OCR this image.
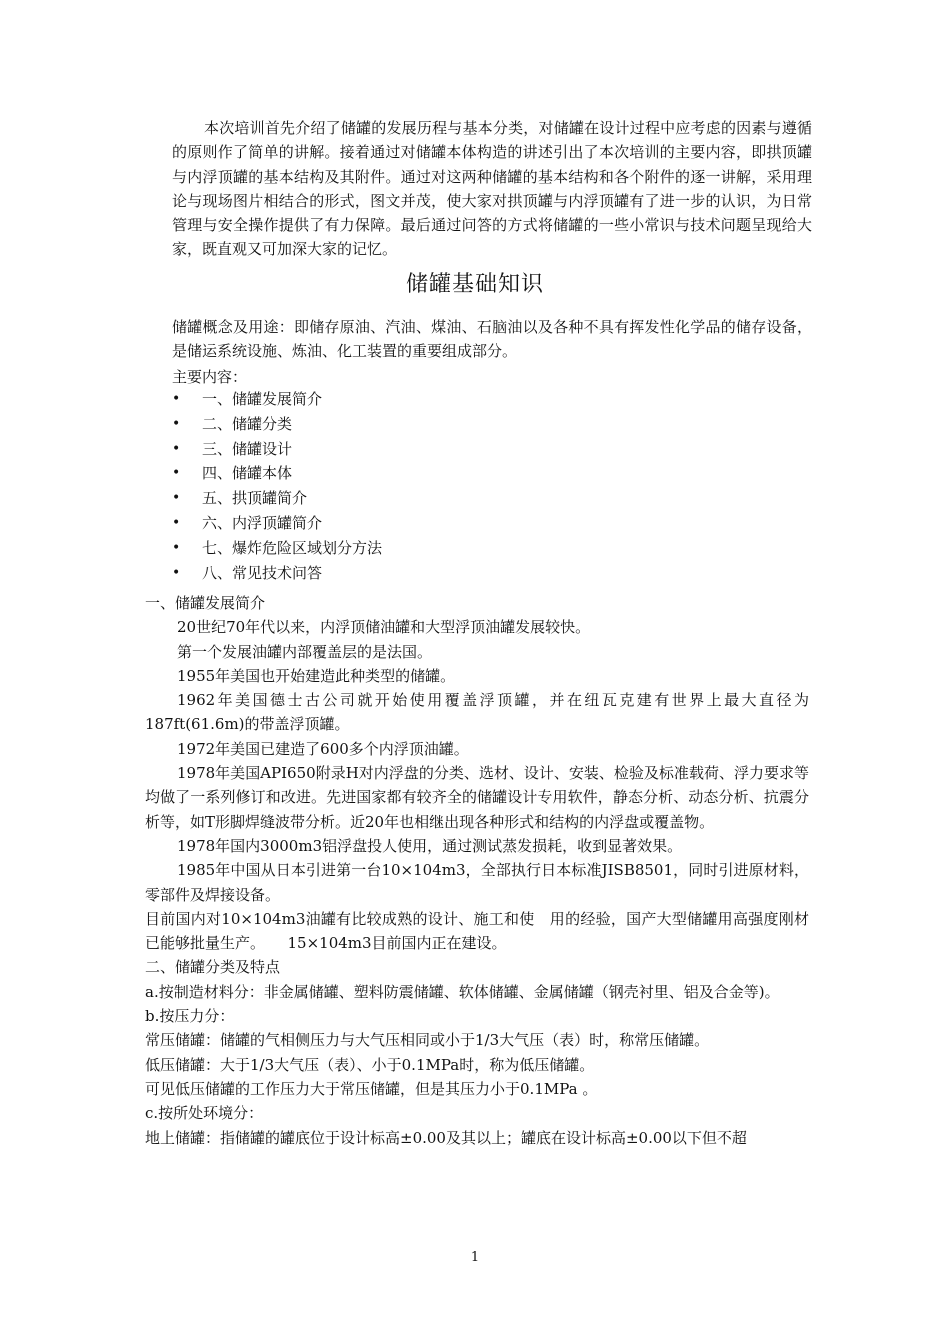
本次培训首先介绍了储罐的发展历程与基本分类，对储罐在设计过程中应考虑的因素与遵循的原则作了简单的讲解。接着通过对储罐本体构造的讲述引出了本次培训的主要内容，即拱顶罐与内浮顶罐的基本结构及其附件。通过对这两种储罐的基本结构和各个附件的逐一讲解，采用理论与现场图片相结合的形式，图文并茂，使大家对拱顶罐与内浮顶罐有了进一步的认识，为日常管理与安全操作提供了有力保障。最后通过问答的方式将储罐的一些小常识与技术问题呈现给大家，既直观又可加深大家的记忆。

储罐基础知识

储罐概念及用途：即储存原油、汽油、煤油、石脑油以及各种不具有挥发性化学品的储存设备，是储运系统设施、炼油、化工装置的重要组成部分。

主要内容：

• 一、储罐发展简介
• 二、储罐分类
• 三、储罐设计
• 四、储罐本体
• 五、拱顶罐简介
• 六、内浮顶罐简介
• 七、爆炸危险区域划分方法
• 八、常见技术问答

一、储罐发展简介

20世纪70年代以来，内浮顶储油罐和大型浮顶油罐发展较快。

第一个发展油罐内部覆盖层的是法国。

1955年美国也开始建造此种类型的储罐。

1962年美国德士古公司就开始使用覆盖浮顶罐，并在纽瓦克建有世界上最大直径为187ft(61.6m)的带盖浮顶罐。

1972年美国已建造了600多个内浮顶油罐。

1978年美国API650附录H对内浮盘的分类、选材、设计、安装、检验及标准载荷、浮力要求等均做了一系列修订和改进。先进国家都有较齐全的储罐设计专用软件，静态分析、动态分析、抗震分析等，如T形脚焊缝波带分析。近20年也相继出现各种形式和结构的内浮盘或覆盖物。

1978年国内3000m3铝浮盘投人使用，通过测试蒸发损耗，收到显著效果。

1985年中国从日本引进第一台10×104m3，全部执行日本标准JISB8501，同时引进原材料，零部件及焊接设备。

目前国内对10×104m3油罐有比较成熟的设计、施工和使　用的经验，国产大型储罐用高强度刚材已能够批量生产。　　15×104m3目前国内正在建设。

二、储罐分类及特点

a.按制造材料分：非金属储罐、塑料防震储罐、软体储罐、金属储罐（钢壳衬里、铝及合金等)。

b.按压力分：

常压储罐：储罐的气相侧压力与大气压相同或小于1/3大气压（表）时，称常压储罐。

低压储罐：大于1/3大气压（表）、小于0.1MPa时，称为低压储罐。

可见低压储罐的工作压力大于常压储罐，但是其压力小于0.1MPa 。

c.按所处环境分：

地上储罐：指储罐的罐底位于设计标高±0.00及其以上；罐底在设计标高±0.00以下但不超

1
